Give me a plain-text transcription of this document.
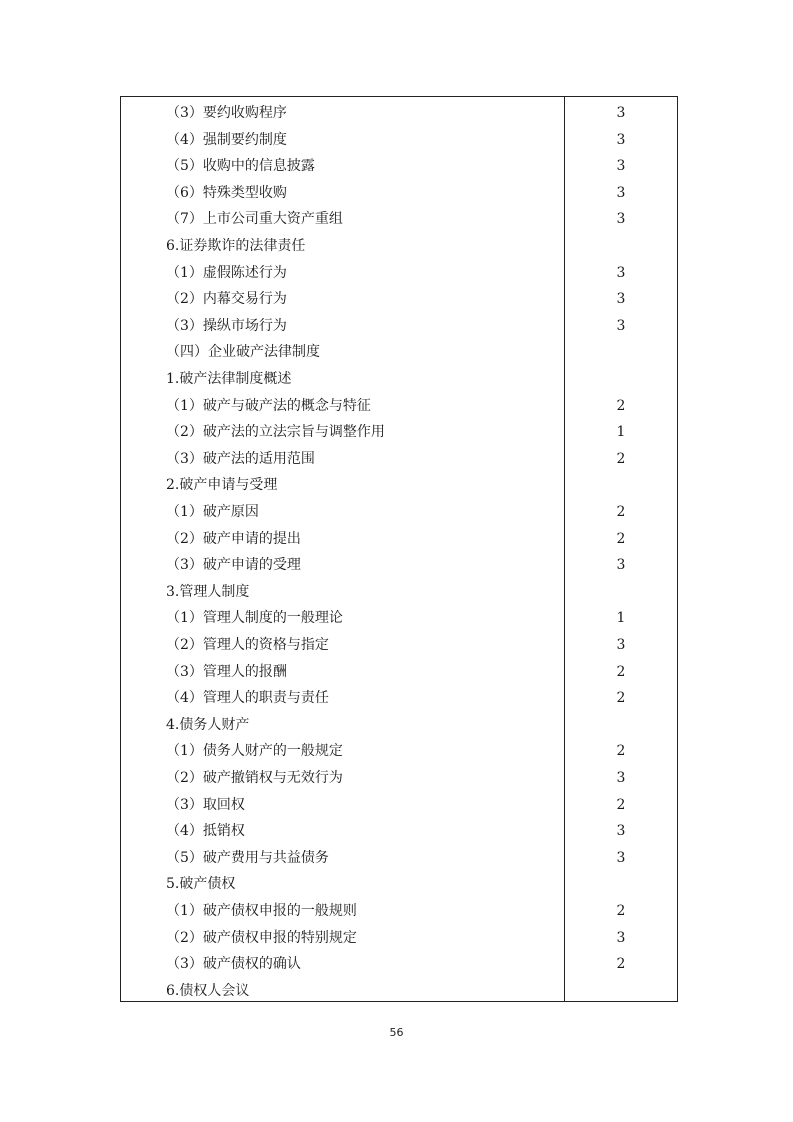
（3）要约收购程序	3
（4）强制要约制度	3
（5）收购中的信息披露	3
（6）特殊类型收购	3
（7）上市公司重大资产重组	3
6.证券欺诈的法律责任
（1）虚假陈述行为	3
（2）内幕交易行为	3
（3）操纵市场行为	3
（四）企业破产法律制度
1.破产法律制度概述
（1）破产与破产法的概念与特征	2
（2）破产法的立法宗旨与调整作用	1
（3）破产法的适用范围	2
2.破产申请与受理
（1）破产原因	2
（2）破产申请的提出	2
（3）破产申请的受理	3
3.管理人制度
（1）管理人制度的一般理论	1
（2）管理人的资格与指定	3
（3）管理人的报酬	2
（4）管理人的职责与责任	2
4.债务人财产
（1）债务人财产的一般规定	2
（2）破产撤销权与无效行为	3
（3）取回权	2
（4）抵销权	3
（5）破产费用与共益债务	3
5.破产债权
（1）破产债权申报的一般规则	2
（2）破产债权申报的特别规定	3
（3）破产债权的确认	2
6.债权人会议
56
